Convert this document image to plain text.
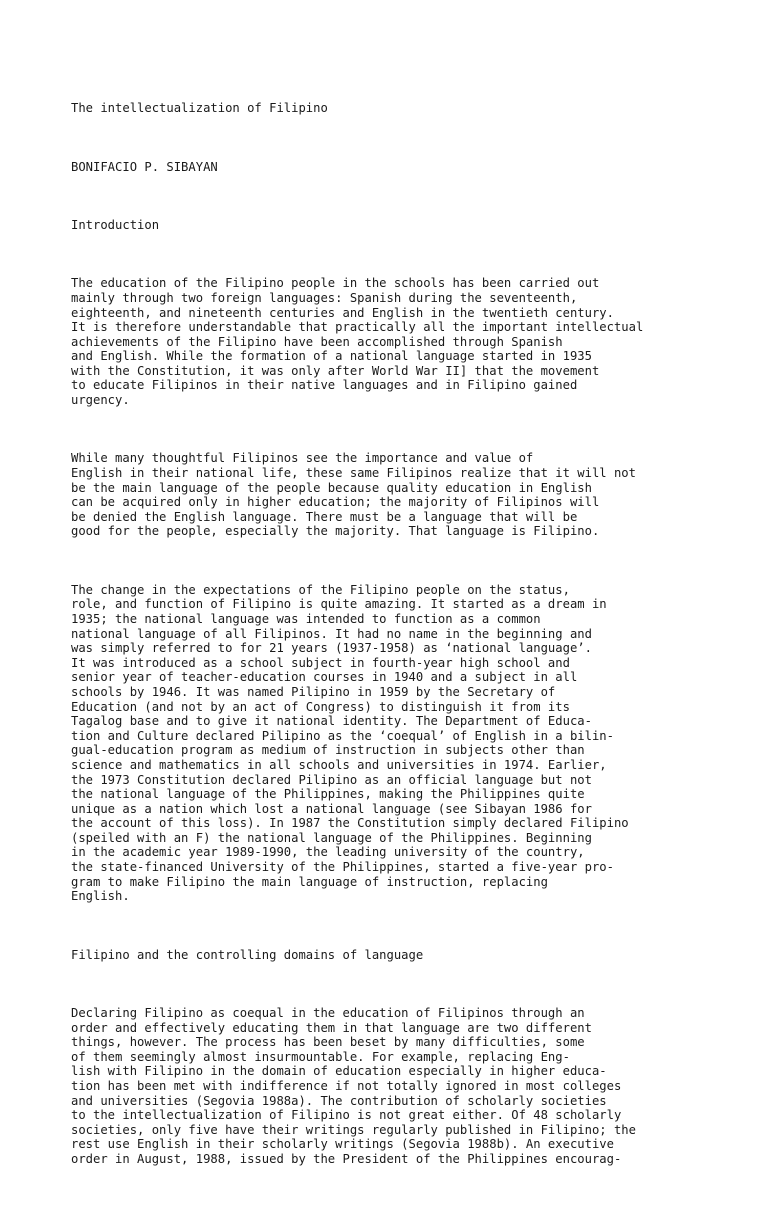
The intellectualization of Filipino

BONIFACIO P. SIBAYAN

Introduction

The education of the Filipino people in the schools has been carried out
mainly through two foreign languages: Spanish during the seventeenth,
eighteenth, and nineteenth centuries and English in the twentieth century.
It is therefore understandable that practically all the important intellectual
achievements of the Filipino have been accomplished through Spanish
and English. While the formation of a national language started in 1935
with the Constitution, it was only after World War II] that the movement
to educate Filipinos in their native languages and in Filipino gained
urgency.

While many thoughtful Filipinos see the importance and value of
English in their national life, these same Filipinos realize that it will not
be the main language of the people because quality education in English
can be acquired only in higher education; the majority of Filipinos will
be denied the English language. There must be a language that will be
good for the people, especially the majority. That language is Filipino.

The change in the expectations of the Filipino people on the status,
role, and function of Filipino is quite amazing. It started as a dream in
1935; the national language was intended to function as a common
national language of all Filipinos. It had no name in the beginning and
was simply referred to for 21 years (1937-1958) as ‘national language’.
It was introduced as a school subject in fourth-year high school and
senior year of teacher-education courses in 1940 and a subject in all
schools by 1946. It was named Pilipino in 1959 by the Secretary of
Education (and not by an act of Congress) to distinguish it from its
Tagalog base and to give it national identity. The Department of Educa-
tion and Culture declared Pilipino as the ‘coequal’ of English in a bilin-
gual-education program as medium of instruction in subjects other than
science and mathematics in all schools and universities in 1974. Earlier,
the 1973 Constitution declared Pilipino as an official language but not
the national language of the Philippines, making the Philippines quite
unique as a nation which lost a national language (see Sibayan 1986 for
the account of this loss). In 1987 the Constitution simply declared Filipino
(speiled with an F) the national language of the Philippines. Beginning
in the academic year 1989-1990, the leading university of the country,
the state-financed University of the Philippines, started a five-year pro-
gram to make Filipino the main language of instruction, replacing
English.

Filipino and the controlling domains of language

Declaring Filipino as coequal in the education of Filipinos through an
order and effectively educating them in that language are two different
things, however. The process has been beset by many difficulties, some
of them seemingly almost insurmountable. For example, replacing Eng-
lish with Filipino in the domain of education especially in higher educa-
tion has been met with indifference if not totally ignored in most colleges
and universities (Segovia 1988a). The contribution of scholarly societies
to the intellectualization of Filipino is not great either. Of 48 scholarly
societies, only five have their writings regularly published in Filipino; the
rest use English in their scholarly writings (Segovia 1988b). An executive
order in August, 1988, issued by the President of the Philippines encourag-
